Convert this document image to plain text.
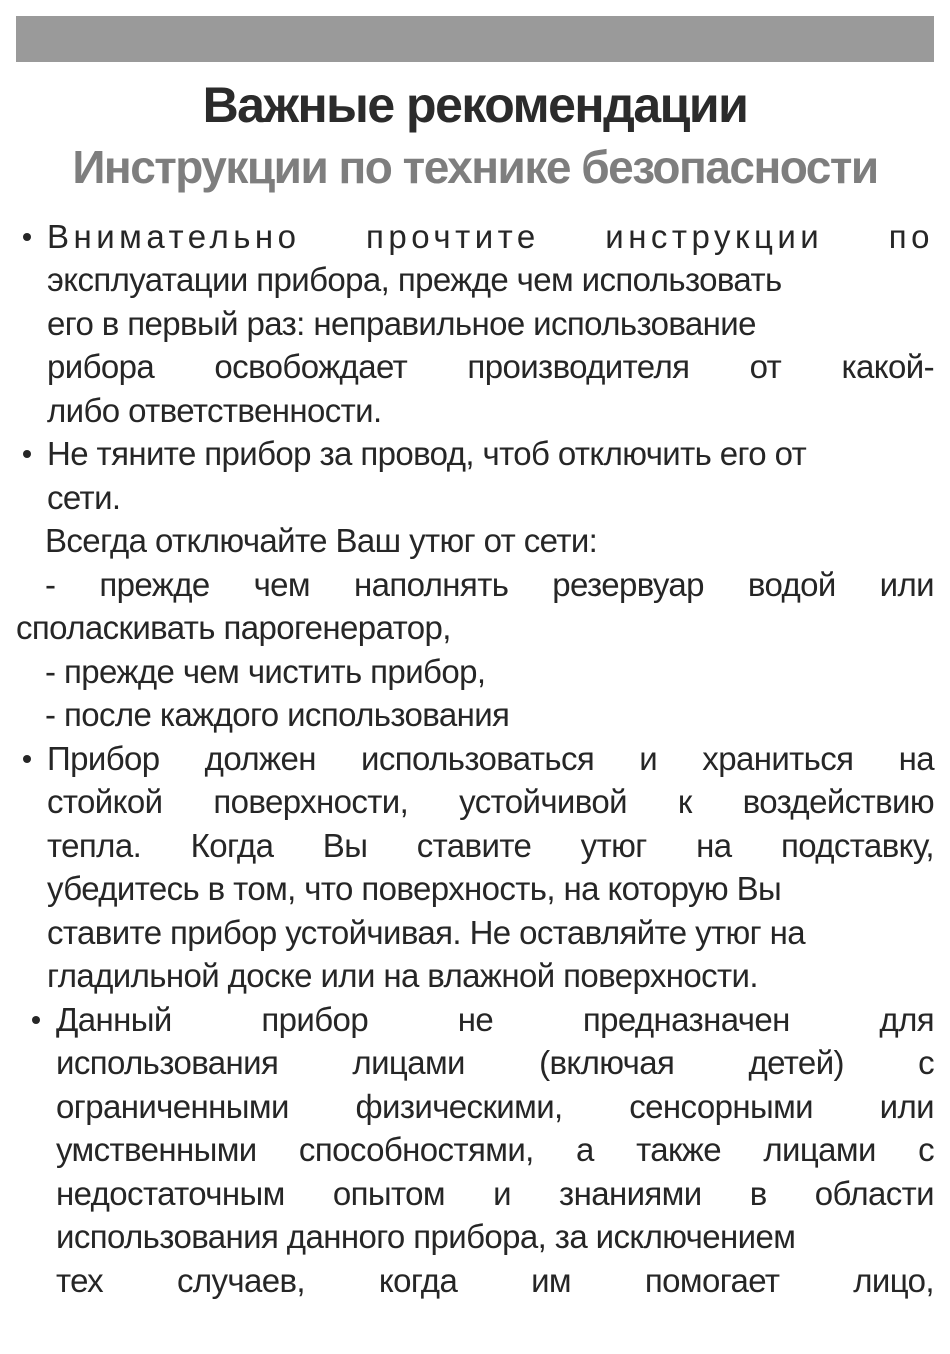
Важные рекомендации
Инструкции по технике безопасности
Внимательно прочтите инструкции по
эксплуатации прибора, прежде чем использовать
его в первый раз: неправильное использование
рибора освобождает производителя от какой-
либо ответственности.
Не тяните прибор за провод, чтоб отключить его от
сети.
Всегда отключайте Ваш утюг от сети:
- прежде чем наполнять резервуар водой или
споласкивать парогенератор,
- прежде чем чистить прибор,
- после каждого использования
Прибор должен использоваться и храниться на
стойкой поверхности, устойчивой к воздействию
тепла. Когда Вы ставите утюг на подставку,
убедитесь в том, что поверхность, на которую Вы
ставите прибор устойчивая. Не оставляйте утюг на
гладильной доске или на влажной поверхности.
Данный прибор не предназначен для
использования лицами (включая детей) с
ограниченными физическими, сенсорными или
умственными способностями, а также лицами с
недостаточным опытом и знаниями в области
использования данного прибора, за исключением
тех случаев, когда им помогает лицо,
